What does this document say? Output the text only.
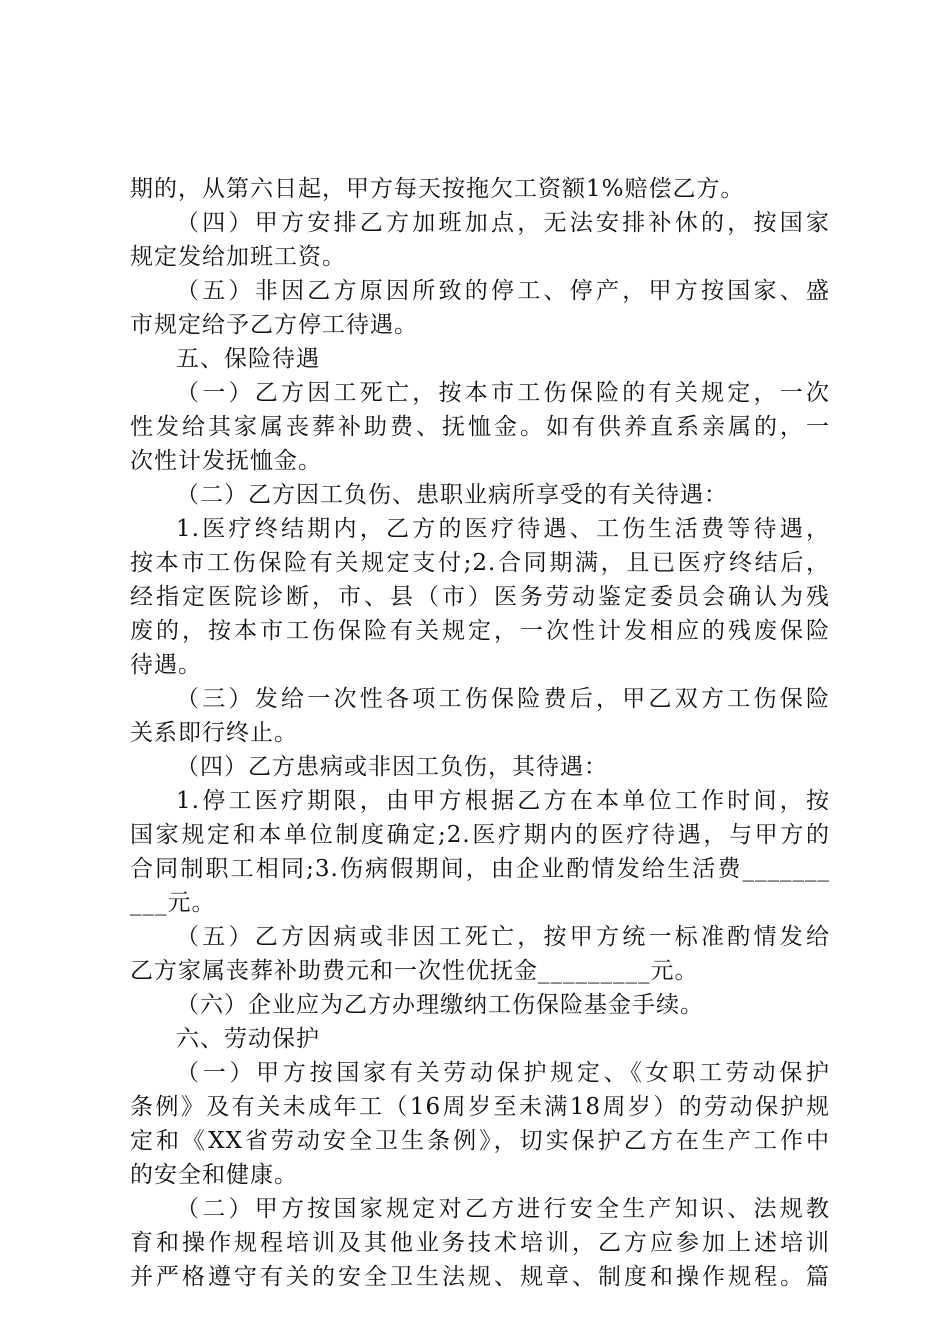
期的，从第六日起，甲方每天按拖欠工资额1%赔偿乙方。
（四）甲方安排乙方加班加点，无法安排补休的，按国家
规定发给加班工资。
（五）非因乙方原因所致的停工、停产，甲方按国家、盛
市规定给予乙方停工待遇。
五、保险待遇
（一）乙方因工死亡，按本市工伤保险的有关规定，一次
性发给其家属丧葬补助费、抚恤金。如有供养直系亲属的，一
次性计发抚恤金。
（二）乙方因工负伤、患职业病所享受的有关待遇：
1.医疗终结期内，乙方的医疗待遇、工伤生活费等待遇，
按本市工伤保险有关规定支付;2.合同期满，且已医疗终结后，
经指定医院诊断，市、县（市）医务劳动鉴定委员会确认为残
废的，按本市工伤保险有关规定，一次性计发相应的残废保险
待遇。
（三）发给一次性各项工伤保险费后，甲乙双方工伤保险
关系即行终止。
（四）乙方患病或非因工负伤，其待遇：
1.停工医疗期限，由甲方根据乙方在本单位工作时间，按
国家规定和本单位制度确定;2.医疗期内的医疗待遇，与甲方的
合同制职工相同;3.伤病假期间，由企业酌情发给生活费_______
___元。
（五）乙方因病或非因工死亡，按甲方统一标准酌情发给
乙方家属丧葬补助费元和一次性优抚金_________元。
（六）企业应为乙方办理缴纳工伤保险基金手续。
六、劳动保护
（一）甲方按国家有关劳动保护规定、《女职工劳动保护
条例》及有关未成年工（16周岁至未满18周岁）的劳动保护规
定和《XX省劳动安全卫生条例》，切实保护乙方在生产工作中
的安全和健康。
（二）甲方按国家规定对乙方进行安全生产知识、法规教
育和操作规程培训及其他业务技术培训，乙方应参加上述培训
并严格遵守有关的安全卫生法规、规章、制度和操作规程。篇
